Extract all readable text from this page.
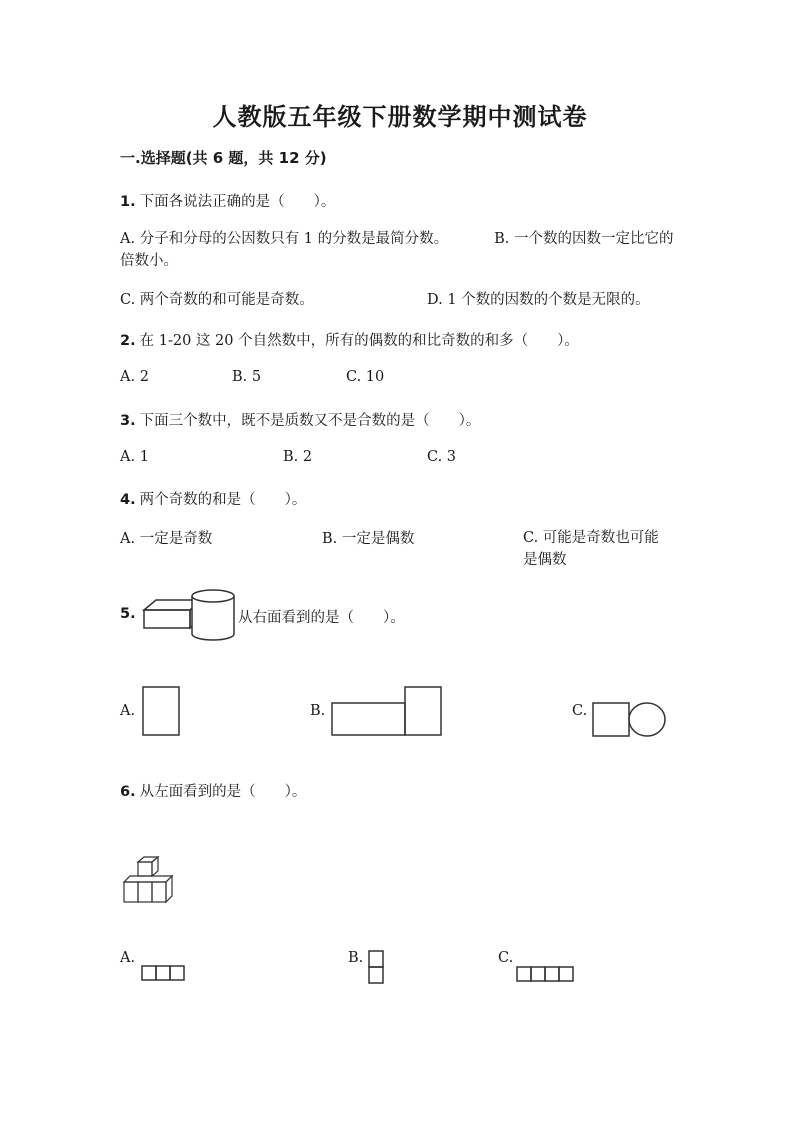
人教版五年级下册数学期中测试卷
一.选择题(共 6 题，共 12 分)
1. 下面各说法正确的是（　　）。
A. 分子和分母的公因数只有 1 的分数是最简分数。	B. 一个数的因数一定比它的倍数小。
C. 两个奇数的和可能是奇数。	D. 1 个数的因数的个数是无限的。
2. 在 1-20 这 20 个自然数中，所有的偶数的和比奇数的和多（　　）。
A. 2	B. 5	C. 10
3. 下面三个数中，既不是质数又不是合数的是（　　）。
A. 1	B. 2	C. 3
4. 两个奇数的和是（　　）。
A. 一定是奇数	B. 一定是偶数	C. 可能是奇数也可能是偶数
5.	从右面看到的是（　　）。
A.	B.	C.
6. 从左面看到的是（　　）。
A.	B.	C.
